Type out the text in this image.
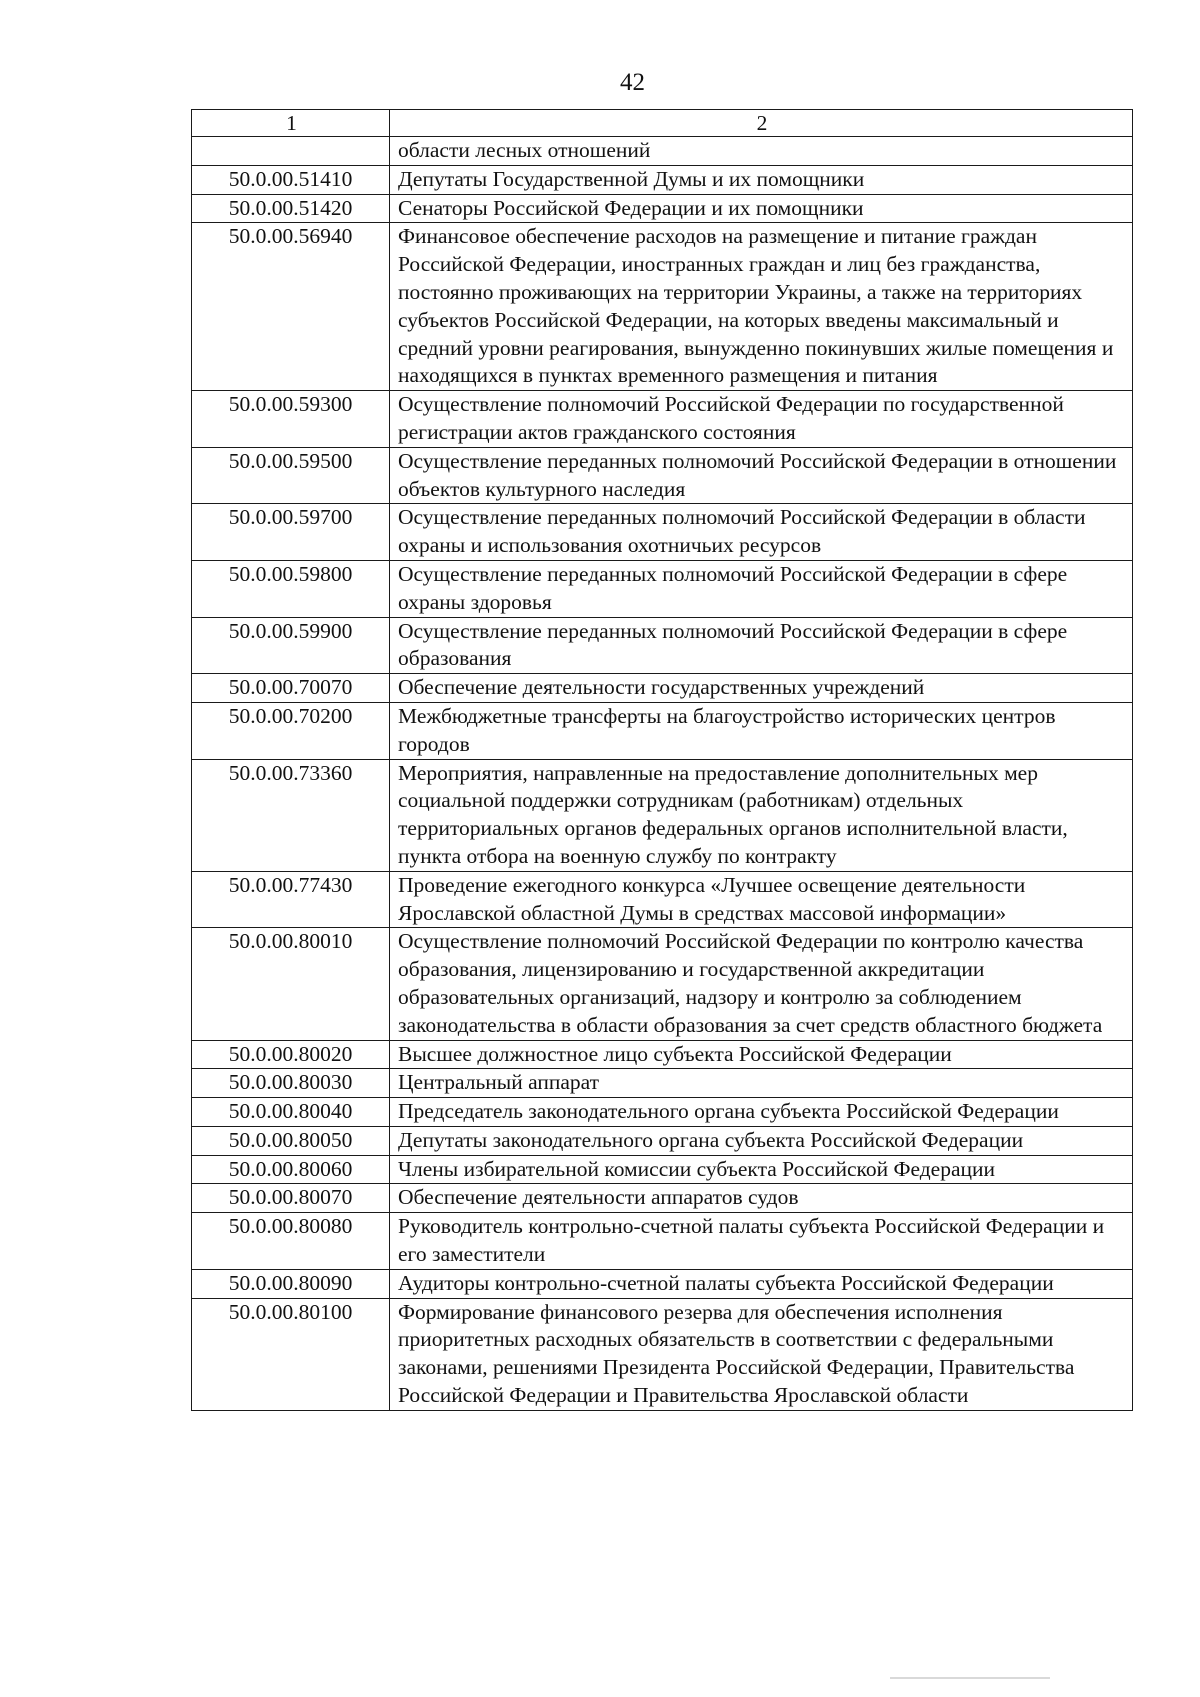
42
1	2
	области лесных отношений
50.0.00.51410	Депутаты Государственной Думы и их помощники
50.0.00.51420	Сенаторы Российской Федерации и их помощники
50.0.00.56940	Финансовое обеспечение расходов на размещение и питание граждан Российской Федерации, иностранных граждан и лиц без гражданства, постоянно проживающих на территории Украины, а также на территориях субъектов Российской Федерации, на которых введены максимальный и средний уровни реагирования, вынужденно покинувших жилые помещения и находящихся в пунктах временного размещения и питания
50.0.00.59300	Осуществление полномочий Российской Федерации по государственной регистрации актов гражданского состояния
50.0.00.59500	Осуществление переданных полномочий Российской Федерации в отношении объектов культурного наследия
50.0.00.59700	Осуществление переданных полномочий Российской Федерации в области охраны и использования охотничьих ресурсов
50.0.00.59800	Осуществление переданных полномочий Российской Федерации в сфере охраны здоровья
50.0.00.59900	Осуществление переданных полномочий Российской Федерации в сфере образования
50.0.00.70070	Обеспечение деятельности государственных учреждений
50.0.00.70200	Межбюджетные трансферты на благоустройство исторических центров городов
50.0.00.73360	Мероприятия, направленные на предоставление дополнительных мер социальной поддержки сотрудникам (работникам) отдельных территориальных органов федеральных органов исполнительной власти, пункта отбора на военную службу по контракту
50.0.00.77430	Проведение ежегодного конкурса «Лучшее освещение деятельности Ярославской областной Думы в средствах массовой информации»
50.0.00.80010	Осуществление полномочий Российской Федерации по контролю качества образования, лицензированию и государственной аккредитации образовательных организаций, надзору и контролю за соблюдением законодательства в области образования за счет средств областного бюджета
50.0.00.80020	Высшее должностное лицо субъекта Российской Федерации
50.0.00.80030	Центральный аппарат
50.0.00.80040	Председатель законодательного органа субъекта Российской Федерации
50.0.00.80050	Депутаты законодательного органа субъекта Российской Федерации
50.0.00.80060	Члены избирательной комиссии субъекта Российской Федерации
50.0.00.80070	Обеспечение деятельности аппаратов судов
50.0.00.80080	Руководитель контрольно-счетной палаты субъекта Российской Федерации и его заместители
50.0.00.80090	Аудиторы контрольно-счетной палаты субъекта Российской Федерации
50.0.00.80100	Формирование финансового резерва для обеспечения исполнения приоритетных расходных обязательств в соответствии с федеральными законами, решениями Президента Российской Федерации, Правительства Российской Федерации и Правительства Ярославской области
